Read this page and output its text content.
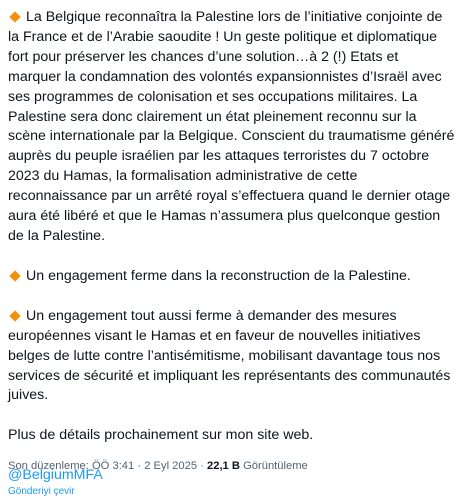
La Belgique reconnaîtra la Palestine lors de l’initiative conjointe de la France et de l’Arabie saoudite ! Un geste politique et diplomatique fort pour préserver les chances d’une solution…à 2 (!) Etats et marquer la condamnation des volontés expansionnistes d’Israël avec ses programmes de colonisation et ses occupations militaires. La Palestine sera donc clairement un état pleinement reconnu sur la scène internationale par la Belgique. Conscient du traumatisme généré auprès du peuple israélien par les attaques terroristes du 7 octobre 2023 du Hamas, la formalisation administrative de cette reconnaissance par un arrêté royal s’effectuera quand le dernier otage aura été libéré et que le Hamas n’assumera plus quelconque gestion de la Palestine.

Un engagement ferme dans la reconstruction de la Palestine.

Un engagement tout aussi ferme à demander des mesures européennes visant le Hamas et en faveur de nouvelles initiatives belges de lutte contre l’antisémitisme, mobilisant davantage tous nos services de sécurité et impliquant les représentants des communautés juives.

Plus de détails prochainement sur mon site web.

@BelgiumMFA
Gönderiyi çevir
Son düzenleme: ÖÖ 3:41 · 2 Eyl 2025 · 22,1 B Görüntüleme
